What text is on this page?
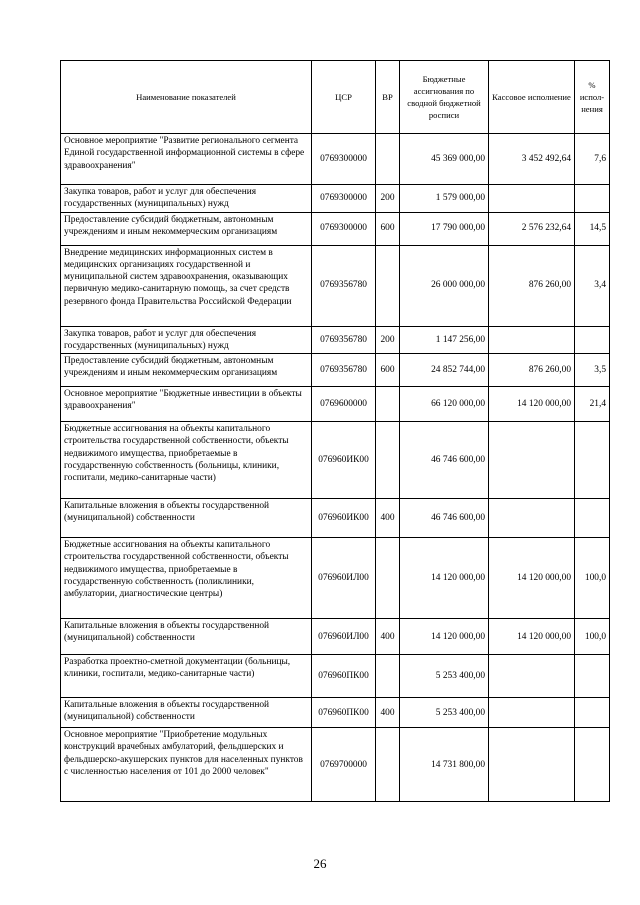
Наименование показателей	ЦСР	ВР	Бюджетные ассигнования по сводной бюджетной росписи	Кассовое исполнение	% испол-нения
Основное мероприятие "Развитие регионального сегмента Единой государственной информационной системы в сфере здравоохранения"	0769300000		45 369 000,00	3 452 492,64	7,6
Закупка товаров, работ и услуг для обеспечения государственных (муниципальных) нужд	0769300000	200	1 579 000,00		
Предоставление субсидий бюджетным, автономным учреждениям и иным некоммерческим организациям	0769300000	600	17 790 000,00	2 576 232,64	14,5
Внедрение медицинских информационных систем в медицинских организациях государственной и муниципальной систем здравоохранения, оказывающих первичную медико-санитарную помощь, за счет средств резервного фонда Правительства Российской Федерации	0769356780		26 000 000,00	876 260,00	3,4
Закупка товаров, работ и услуг для обеспечения государственных (муниципальных) нужд	0769356780	200	1 147 256,00		
Предоставление субсидий бюджетным, автономным учреждениям и иным некоммерческим организациям	0769356780	600	24 852 744,00	876 260,00	3,5
Основное мероприятие "Бюджетные инвестиции в объекты здравоохранения"	0769600000		66 120 000,00	14 120 000,00	21,4
Бюджетные ассигнования на объекты капитального строительства государственной собственности, объекты недвижимого имущества, приобретаемые в государственную собственность (больницы, клиники, госпитали, медико-санитарные части)	076960ИК00		46 746 600,00		
Капитальные вложения в объекты государственной (муниципальной) собственности	076960ИК00	400	46 746 600,00		
Бюджетные ассигнования на объекты капитального строительства государственной собственности, объекты недвижимого имущества, приобретаемые в государственную собственность (поликлиники, амбулатории, диагностические центры)	076960ИЛ00		14 120 000,00	14 120 000,00	100,0
Капитальные вложения в объекты государственной (муниципальной) собственности	076960ИЛ00	400	14 120 000,00	14 120 000,00	100,0
Разработка проектно-сметной документации (больницы, клиники, госпитали, медико-санитарные части)	076960ПК00		5 253 400,00		
Капитальные вложения в объекты государственной (муниципальной) собственности	076960ПК00	400	5 253 400,00		
Основное мероприятие "Приобретение модульных конструкций врачебных амбулаторий, фельдшерских и фельдшерско-акушерских пунктов для населенных пунктов с численностью населения от 101 до 2000 человек"	0769700000		14 731 800,00		
26
